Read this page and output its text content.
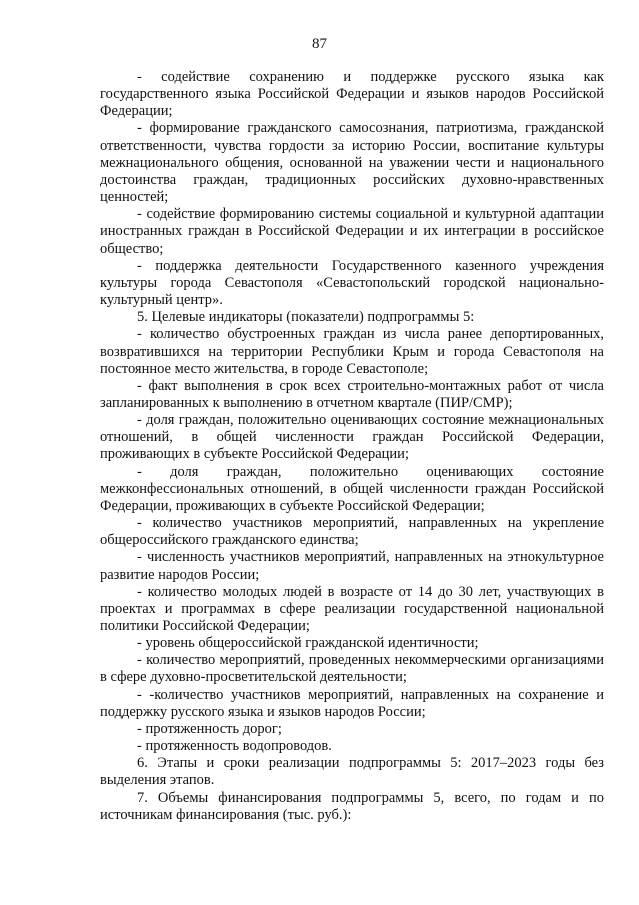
87

- содействие сохранению и поддержке русского языка как государственного языка Российской Федерации и языков народов Российской Федерации;

- формирование гражданского самосознания, патриотизма, гражданской ответственности, чувства гордости за историю России, воспитание культуры межнационального общения, основанной на уважении чести и национального достоинства граждан, традиционных российских духовно-нравственных ценностей;

- содействие формированию системы социальной и культурной адаптации иностранных граждан в Российской Федерации и их интеграции в российское общество;

- поддержка деятельности Государственного казенного учреждения культуры города Севастополя «Севастопольский городской национально-культурный центр».

5. Целевые индикаторы (показатели) подпрограммы 5:

- количество обустроенных граждан из числа ранее депортированных, возвратившихся на территории Республики Крым и города Севастополя на постоянное место жительства, в городе Севастополе;

- факт выполнения в срок всех строительно-монтажных работ от числа запланированных к выполнению в отчетном квартале (ПИР/СМР);

- доля граждан, положительно оценивающих состояние межнациональных отношений, в общей численности граждан Российской Федерации, проживающих в субъекте Российской Федерации;

- доля граждан, положительно оценивающих состояние межконфессиональных отношений, в общей численности граждан Российской Федерации, проживающих в субъекте Российской Федерации;

- количество участников мероприятий, направленных на укрепление общероссийского гражданского единства;

- численность участников мероприятий, направленных на этнокультурное развитие народов России;

- количество молодых людей в возрасте от 14 до 30 лет, участвующих в проектах и программах в сфере реализации государственной национальной политики Российской Федерации;

- уровень общероссийской гражданской идентичности;

- количество мероприятий, проведенных некоммерческими организациями в сфере духовно-просветительской деятельности;

- -количество участников мероприятий, направленных на сохранение и поддержку русского языка и языков народов России;

- протяженность дорог;

- протяженность водопроводов.

6. Этапы и сроки реализации подпрограммы 5: 2017–2023 годы без выделения этапов.

7. Объемы финансирования подпрограммы 5, всего, по годам и по источникам финансирования (тыс. руб.):
